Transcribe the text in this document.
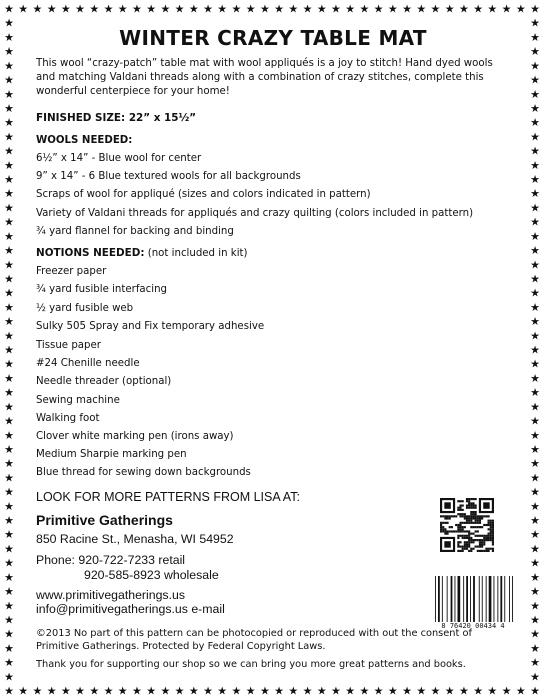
★
★
★
★
★
★
★
★
★
★
★
★
★
★
★
★
★
★
★
★
★
★
★
★
★
★
★
★
★
★
★
★
★
★
★
★
★
★
★
★
★
★
★
★
★
★
★
★
★
★
★
★
★
★
★
★
★
★
★
★
★
★
★
★
★
★
★
★
★
★
★
★
★
★
★
★
★	★
★	★
★	★
★	★
★	★
★	★
★	★
★	★
★	★
★	★
★	★
★	★
★	★
★	★
★	★
★	★
★	★
★	★
★	★
★	★
★	★
★	★
★	★
★	★
★	★
★	★
★	★
★	★
★	★
★	★
★	★
★	★
★	★
★	★
★	★
★	★
★	★
★	★
★	★
★	★
★	★
★	★
★	★
★	★
★	★
★	★
★	★
WINTER CRAZY TABLE MAT
This wool “crazy-patch” table mat with wool appliqués is a joy to stitch! Hand dyed wools and matching Valdani threads along with a combination of crazy stitches, complete this wonderful centerpiece for your home!
FINISHED SIZE: 22” x 15½”
WOOLS NEEDED:
6½” x 14” - Blue wool for center
9” x 14” - 6 Blue textured wools for all backgrounds
Scraps of wool for appliqué (sizes and colors indicated in pattern)
Variety of Valdani threads for appliqués and crazy quilting (colors included in pattern)
¾ yard flannel for backing and binding
NOTIONS NEEDED: (not included in kit)
Freezer paper
¾ yard fusible interfacing
½ yard fusible web
Sulky 505 Spray and Fix temporary adhesive
Tissue paper
#24 Chenille needle
Needle threader (optional)
Sewing machine
Walking foot
Clover white marking pen (irons away)
Medium Sharpie marking pen
Blue thread for sewing down backgrounds
LOOK FOR MORE PATTERNS FROM LISA AT:
Primitive Gatherings
850 Racine St., Menasha, WI 54952
Phone: 920-722-7233 retail
920-585-8923 wholesale
www.primitivegatherings.us
info@primitivegatherings.us e-mail
8 76420 00434 4
©2013 No part of this pattern can be photocopied or reproduced with out the consent of Primitive Gatherings. Protected by Federal Copyright Laws.
Thank you for supporting our shop so we can bring you more great patterns and books.
